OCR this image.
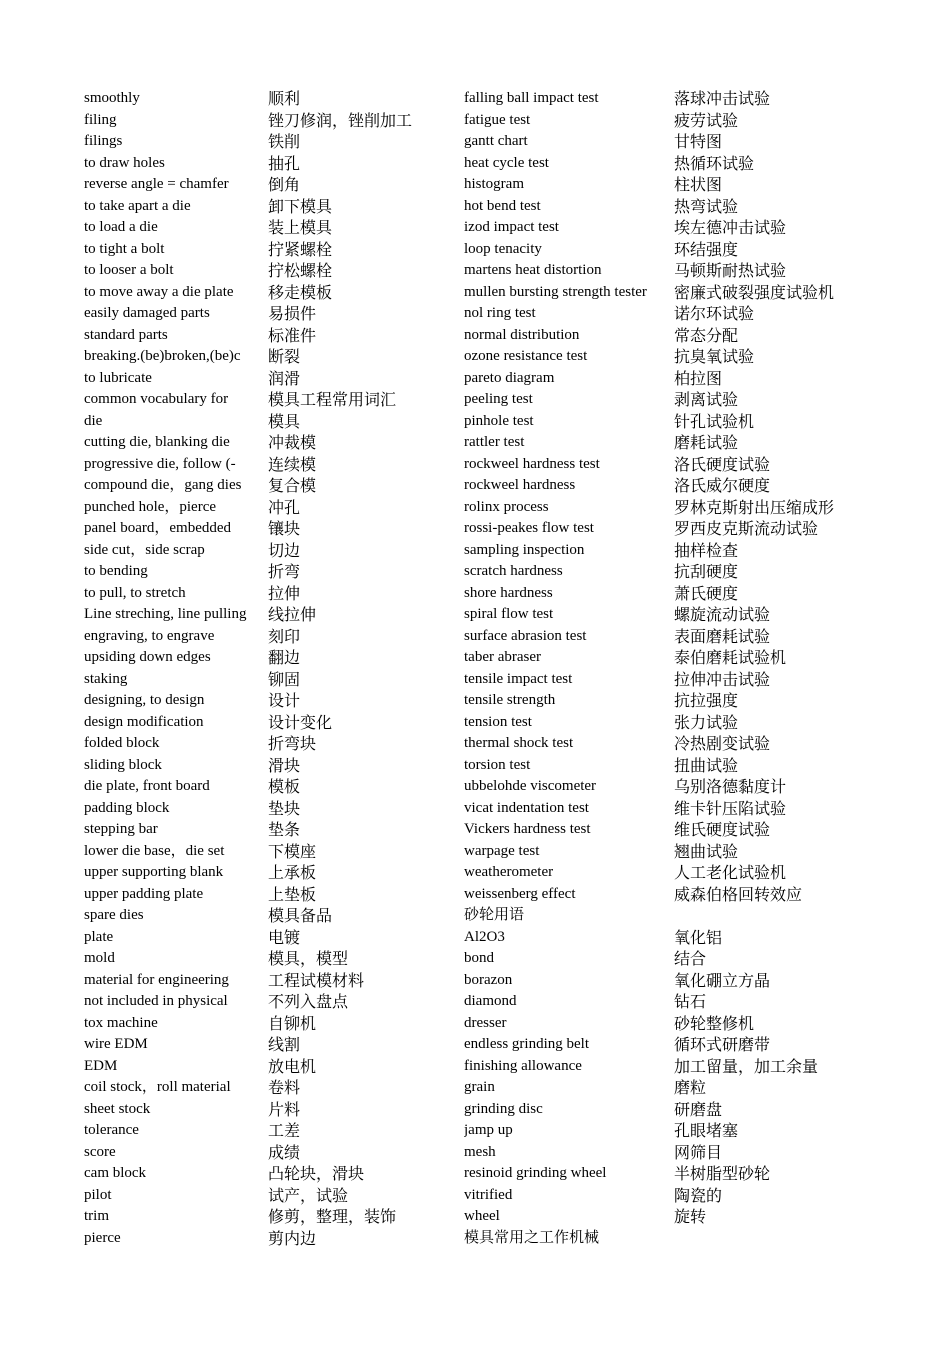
smoothly	顺利
filing	锉刀修润，锉削加工
filings	铁削
to draw holes	抽孔
reverse angle = chamfer	倒角
to take apart a die	卸下模具
to load a die	装上模具
to tight a bolt	拧紧螺栓
to looser a bolt	拧松螺栓
to move away a die plate	移走模板
easily damaged parts	易损件
standard parts	标准件
breaking.(be)broken,(be)c	断裂
to lubricate	润滑
common vocabulary for	模具工程常用词汇
die	模具
cutting die, blanking die	冲裁模
progressive die, follow (-	连续模
compound die，gang dies	复合模
punched hole，pierce	冲孔
panel board，embedded	镶块
side cut，side scrap	切边
to bending	折弯
to pull, to stretch	拉伸
Line streching, line pulling	线拉伸
engraving, to engrave	刻印
upsiding down edges	翻边
staking	铆固
designing, to design	设计
design modification	设计变化
folded block	折弯块
sliding block	滑块
die plate, front board	模板
padding block	垫块
stepping bar	垫条
lower die base，die set	下模座
upper supporting blank	上承板
upper padding plate	上垫板
spare dies	模具备品
plate	电镀
mold	模具，模型
material for engineering	工程试模材料
not included in physical	不列入盘点
tox machine	自铆机
wire EDM	线割
EDM	放电机
coil stock，roll material	卷料
sheet stock	片料
tolerance	工差
score	成绩
cam block	凸轮块，滑块
pilot	试产，试验
trim	修剪，整理，装饰
pierce	剪内边
falling ball impact test	落球冲击试验
fatigue test	疲劳试验
gantt chart	甘特图
heat cycle test	热循环试验
histogram	柱状图
hot bend test	热弯试验
izod impact test	埃左德冲击试验
loop tenacity	环结强度
martens heat distortion	马顿斯耐热试验
mullen bursting strength tester	密廉式破裂强度试验机
nol ring test	诺尔环试验
normal distribution	常态分配
ozone resistance test	抗臭氧试验
pareto diagram	柏拉图
peeling test	剥离试验
pinhole test	针孔试验机
rattler test	磨耗试验
rockweel hardness test	洛氏硬度试验
rockweel hardness	洛氏威尔硬度
rolinx process	罗林克斯射出压缩成形
rossi-peakes flow test	罗西皮克斯流动试验
sampling inspection	抽样检查
scratch hardness	抗刮硬度
shore hardness	萧氏硬度
spiral flow test	螺旋流动试验
surface abrasion test	表面磨耗试验
taber abraser	泰伯磨耗试验机
tensile impact test	拉伸冲击试验
tensile strength	抗拉强度
tension test	张力试验
thermal shock test	冷热剧变试验
torsion test	扭曲试验
ubbelohde viscometer	乌别洛德黏度计
vicat indentation test	维卡针压陷试验
Vickers hardness test	维氏硬度试验
warpage test	翘曲试验
weatherometer	人工老化试验机
weissenberg effect	威森伯格回转效应
砂轮用语
Al2O3	氧化铝
bond	结合
borazon	氧化硼立方晶
diamond	钻石
dresser	砂轮整修机
endless grinding belt	循环式研磨带
finishing allowance	加工留量，加工余量
grain	磨粒
grinding disc	研磨盘
jamp up	孔眼堵塞
mesh	网筛目
resinoid grinding wheel	半树脂型砂轮
vitrified	陶瓷的
wheel	旋转
模具常用之工作机械
